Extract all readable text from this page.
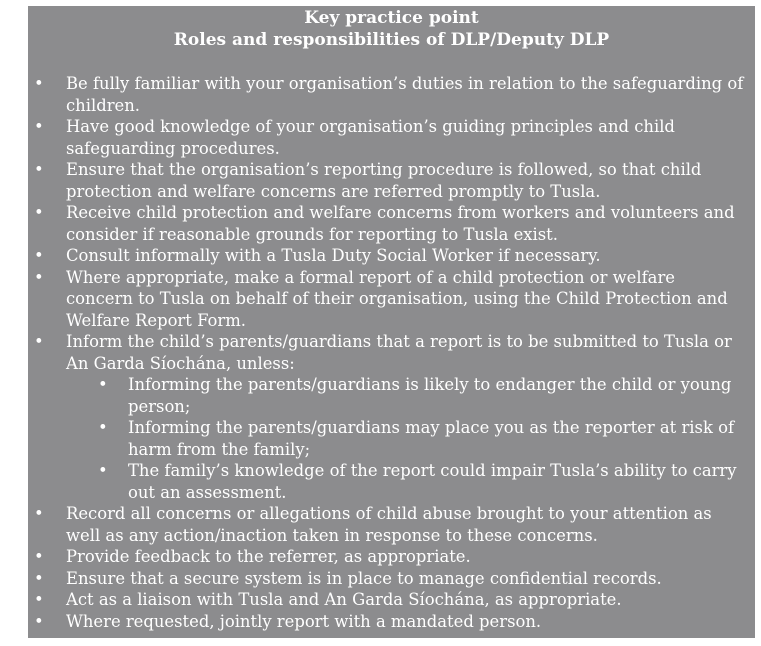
Key practice point
Roles and responsibilities of DLP/Deputy DLP
• Be fully familiar with your organisation’s duties in relation to the safeguarding of children.
• Have good knowledge of your organisation’s guiding principles and child safeguarding procedures.
• Ensure that the organisation’s reporting procedure is followed, so that child protection and welfare concerns are referred promptly to Tusla.
• Receive child protection and welfare concerns from workers and volunteers and consider if reasonable grounds for reporting to Tusla exist.
• Consult informally with a Tusla Duty Social Worker if necessary.
• Where appropriate, make a formal report of a child protection or welfare concern to Tusla on behalf of their organisation, using the Child Protection and Welfare Report Form.
• Inform the child’s parents/guardians that a report is to be submitted to Tusla or An Garda Síochána, unless:
• Informing the parents/guardians is likely to endanger the child or young person;
• Informing the parents/guardians may place you as the reporter at risk of harm from the family;
• The family’s knowledge of the report could impair Tusla’s ability to carry out an assessment.
• Record all concerns or allegations of child abuse brought to your attention as well as any action/inaction taken in response to these concerns.
• Provide feedback to the referrer, as appropriate.
• Ensure that a secure system is in place to manage confidential records.
• Act as a liaison with Tusla and An Garda Síochána, as appropriate.
• Where requested, jointly report with a mandated person.
